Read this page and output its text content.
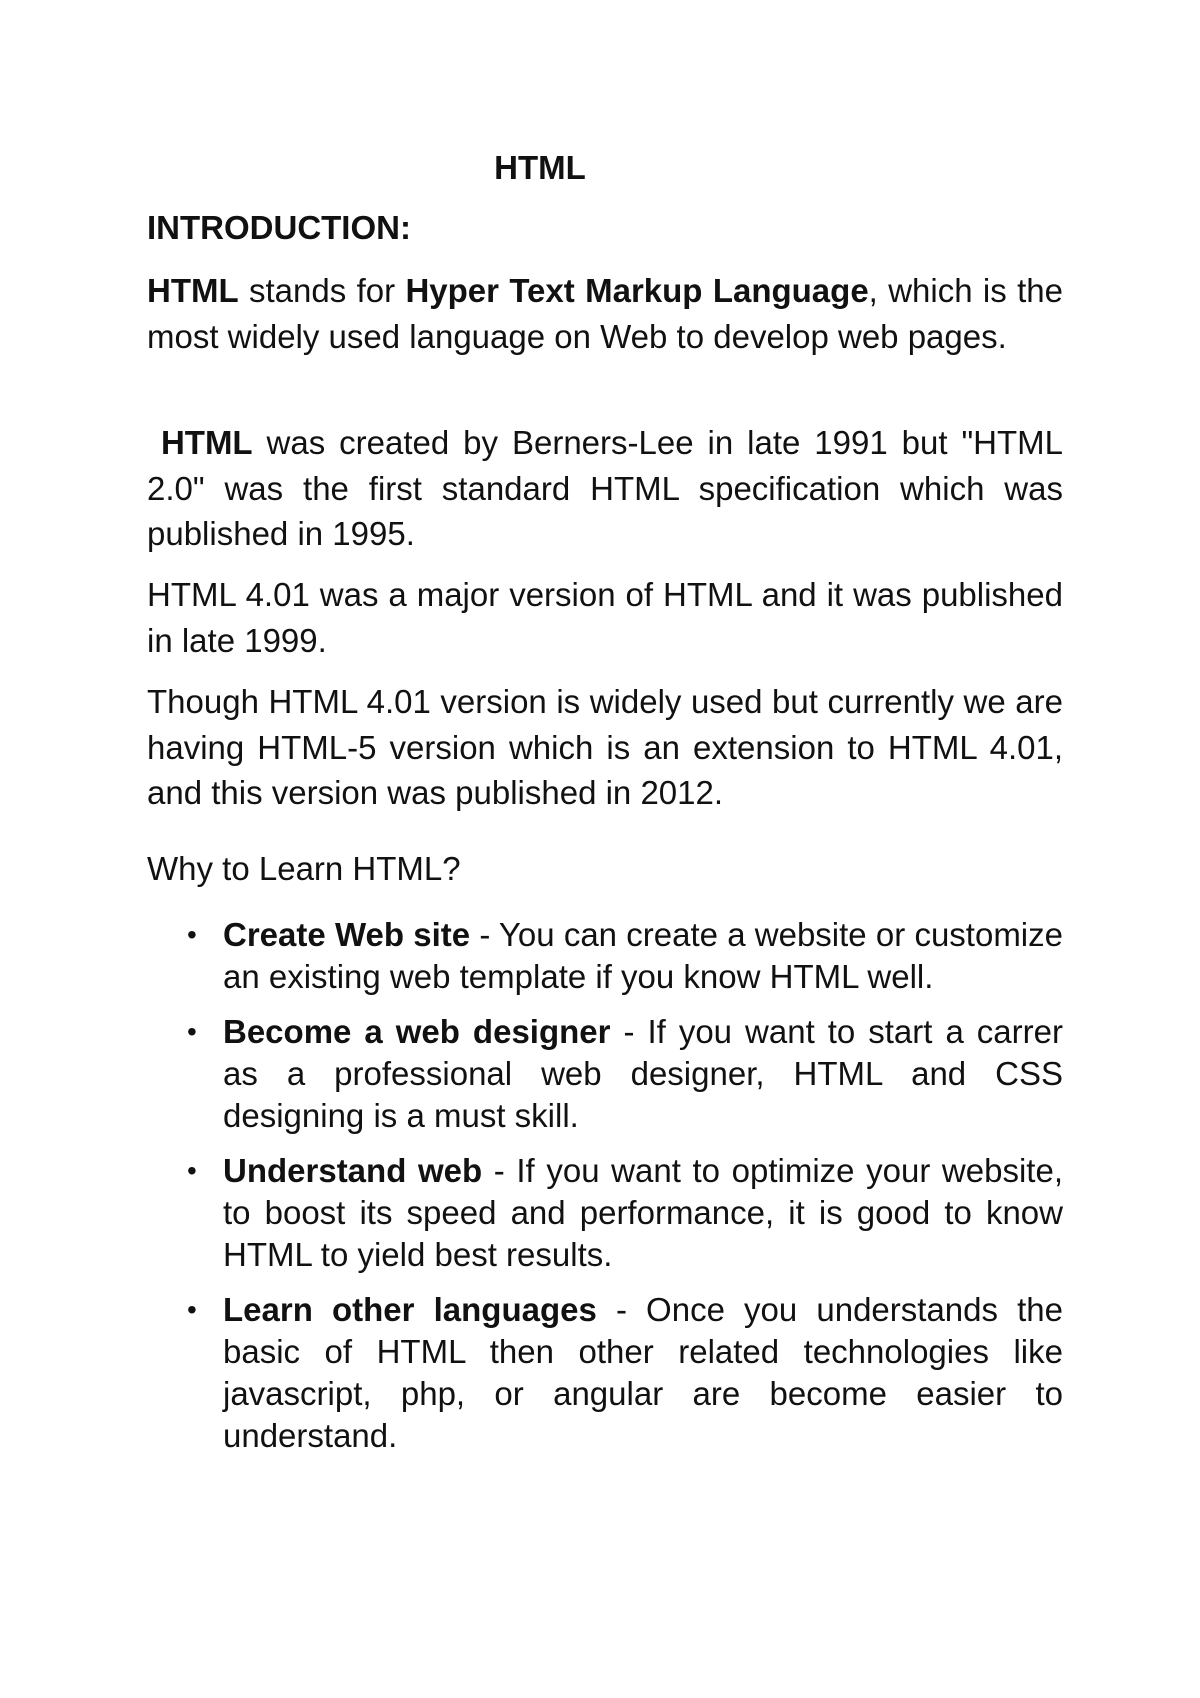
HTML
INTRODUCTION:

HTML stands for Hyper Text Markup Language, which is the most widely used language on Web to develop web pages.

HTML was created by Berners-Lee in late 1991 but "HTML 2.0" was the first standard HTML specification which was published in 1995.

HTML 4.01 was a major version of HTML and it was published in late 1999.

Though HTML 4.01 version is widely used but currently we are having HTML-5 version which is an extension to HTML 4.01, and this version was published in 2012.

Why to Learn HTML?

• Create Web site - You can create a website or customize an existing web template if you know HTML well.
• Become a web designer - If you want to start a carrer as a professional web designer, HTML and CSS designing is a must skill.
• Understand web - If you want to optimize your website, to boost its speed and performance, it is good to know HTML to yield best results.
• Learn other languages - Once you understands the basic of HTML then other related technologies like javascript, php, or angular are become easier to understand.
